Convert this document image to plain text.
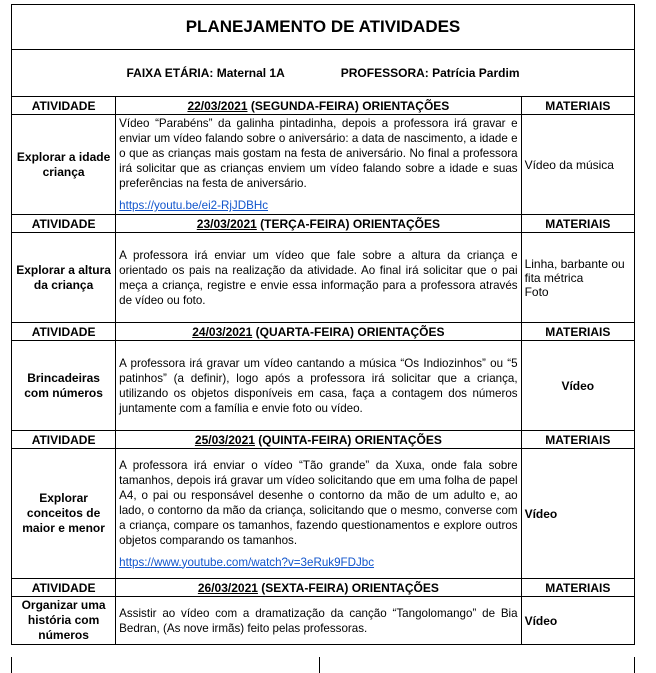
PLANEJAMENTO DE ATIVIDADES		
FAIXA ETÁRIA: Maternal 1A PROFESSORA: Patrícia Pardim		
ATIVIDADE	22/03/2021 (SEGUNDA-FEIRA) ORIENTAÇÕES	MATERIAIS
Explorar a idade criança	Vídeo “Parabéns” da galinha pintadinha, depois a professora irá gravar e enviar um vídeo falando sobre o aniversário: a data de nascimento, a idade e o que as crianças mais gostam na festa de aniversário. No final a professora irá solicitar que as crianças enviem um vídeo falando sobre a idade e suas preferências na festa de aniversário.

https://youtu.be/ei2-RjJDBHc	Vídeo da música
ATIVIDADE	23/03/2021 (TERÇA-FEIRA) ORIENTAÇÕES	MATERIAIS
Explorar a altura da criança	A professora irá enviar um vídeo que fale sobre a altura da criança e orientado os pais na realização da atividade. Ao final irá solicitar que o pai meça a criança, registre e envie essa informação para a professora através de vídeo ou foto.	Linha, barbante ou fita métrica
Foto

ATIVIDADE	24/03/2021 (QUARTA-FEIRA) ORIENTAÇÕES	MATERIAIS
Brincadeiras com números	A professora irá gravar um vídeo cantando a música “Os Indiozinhos” ou “5 patinhos” (a definir), logo após a professora irá solicitar que a criança, utilizando os objetos disponíveis em casa, faça a contagem dos números juntamente com a família e envie foto ou vídeo.	Vídeo
ATIVIDADE	25/03/2021 (QUINTA-FEIRA) ORIENTAÇÕES	MATERIAIS
Explorar conceitos de maior e menor	A professora irá enviar o vídeo “Tão grande” da Xuxa, onde fala sobre tamanhos, depois irá gravar um vídeo solicitando que em uma folha de papel A4, o pai ou responsável desenhe o contorno da mão de um adulto e, ao lado, o contorno da mão da criança, solicitando que o mesmo, converse com a criança, compare os tamanhos, fazendo questionamentos e explore outros objetos comparando os tamanhos.

https://www.youtube.com/watch?v=3eRuk9FDJbc	Vídeo
ATIVIDADE	26/03/2021 (SEXTA-FEIRA) ORIENTAÇÕES	MATERIAIS
Organizar uma história com números	Assistir ao vídeo com a dramatização da canção “Tangolomango” de Bia Bedran, (As nove irmãs) feito pelas professoras.	Vídeo
